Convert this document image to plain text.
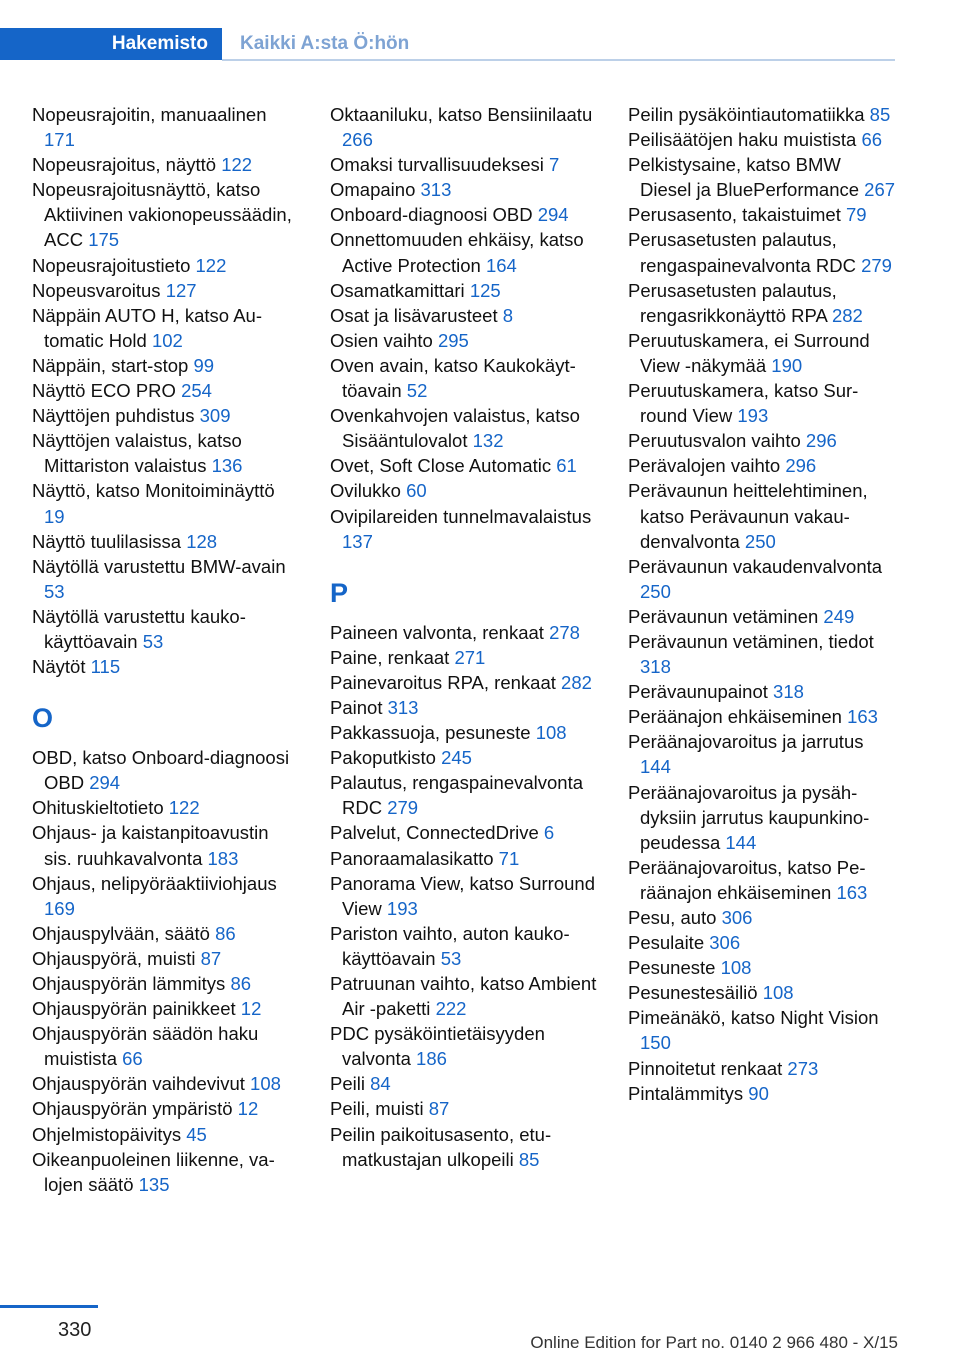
Hakemisto	Kaikki A:sta Ö:hön
Nopeusrajoitin, manuaalinen 171
Nopeusrajoitus, näyttö 122
Nopeusrajoitusnäyttö, katso Aktiivinen vakionopeussäädin, ACC 175
Nopeusrajoitustieto 122
Nopeusvaroitus 127
Näppäin AUTO H, katso Automatic Hold 102
Näppäin, start-stop 99
Näyttö ECO PRO 254
Näyttöjen puhdistus 309
Näyttöjen valaistus, katso Mittariston valaistus 136
Näyttö, katso Monitoiminäyttö 19
Näyttö tuulilasissa 128
Näytöllä varustettu BMW-avain 53
Näytöllä varustettu kaukokäyttöavain 53
Näytöt 115
O
OBD, katso Onboard-diagnoosi OBD 294
Ohituskieltotieto 122
Ohjaus- ja kaistanpitoavustin sis. ruuhkavalvonta 183
Ohjaus, nelipyöräaktiiviohjaus 169
Ohjauspylvään, säätö 86
Ohjauspyörä, muisti 87
Ohjauspyörän lämmitys 86
Ohjauspyörän painikkeet 12
Ohjauspyörän säädön haku muistista 66
Ohjauspyörän vaihdevivut 108
Ohjauspyörän ympäristö 12
Ohjelmistopäivitys 45
Oikeanpuoleinen liikenne, valojen säätö 135
Oktaaniluku, katso Bensiinilaatu 266
Omaksi turvallisuudeksesi 7
Omapaino 313
Onboard-diagnoosi OBD 294
Onnettomuuden ehkäisy, katso Active Protection 164
Osamatkamittari 125
Osat ja lisävarusteet 8
Osien vaihto 295
Oven avain, katso Kaukokäyttöavain 52
Ovenkahvojen valaistus, katso Sisääntulovalot 132
Ovet, Soft Close Automatic 61
Ovilukko 60
Ovipilareiden tunnelmavalaistus 137
P
Paineen valvonta, renkaat 278
Paine, renkaat 271
Painevaroitus RPA, renkaat 282
Painot 313
Pakkassuoja, pesuneste 108
Pakoputkisto 245
Palautus, rengaspainevalvonta RDC 279
Palvelut, ConnectedDrive 6
Panoraamalasikatto 71
Panorama View, katso Surround View 193
Pariston vaihto, auton kaukokäyttöavain 53
Patruunan vaihto, katso Ambient Air -paketti 222
PDC pysäköintietäisyyden valvonta 186
Peili 84
Peili, muisti 87
Peilin paikoitusasento, etumatkustajan ulkopeili 85
Peilin pysäköintiautomatiikka 85
Peilisäätöjen haku muistista 66
Pelkistysaine, katso BMW Diesel ja BluePerformance 267
Perusasento, takaistuimet 79
Perusasetusten palautus, rengaspainevalvonta RDC 279
Perusasetusten palautus, rengasrikkonäyttö RPA 282
Peruutuskamera, ei Surround View -näkymää 190
Peruutuskamera, katso Surround View 193
Peruutusvalon vaihto 296
Perävalojen vaihto 296
Perävaunun heittelehtiminen, katso Perävaunun vakaudenvalvonta 250
Perävaunun vakaudenvalvonta 250
Perävaunun vetäminen 249
Perävaunun vetäminen, tiedot 318
Perävaunupainot 318
Peräänajon ehkäiseminen 163
Peräänajovaroitus ja jarrutus 144
Peräänajovaroitus ja pysähdyksiin jarrutus kaupunkinopeudessa 144
Peräänajovaroitus, katso Peräänajon ehkäiseminen 163
Pesu, auto 306
Pesulaite 306
Pesuneste 108
Pesunestesäiliö 108
Pimeänäkö, katso Night Vision 150
Pinnoitetut renkaat 273
Pintalämmitys 90
330
Online Edition for Part no. 0140 2 966 480 - X/15
